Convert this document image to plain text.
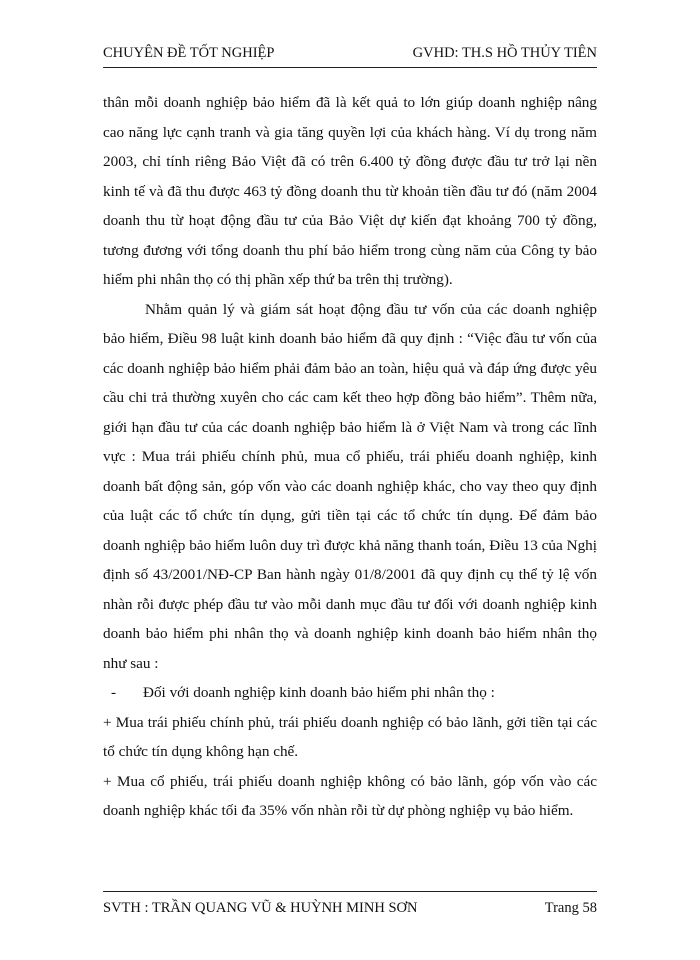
CHUYÊN ĐỀ TỐT NGHIỆP	GVHD: TH.S HỒ THỦY TIÊN

thân mỗi doanh nghiệp bảo hiểm đã là kết quả to lớn giúp doanh nghiệp nâng cao năng lực cạnh tranh và gia tăng quyền lợi của khách hàng. Ví dụ trong năm 2003, chỉ tính riêng Bảo Việt đã có trên 6.400 tỷ đồng được đầu tư trở lại nền kinh tế và đã thu được 463 tỷ đồng doanh thu từ khoản tiền đầu tư đó (năm 2004 doanh thu từ hoạt động đầu tư của Bảo Việt dự kiến đạt khoảng 700 tỷ đồng, tương đương với tổng doanh thu phí bảo hiểm trong cùng năm của Công ty bảo hiểm phi nhân thọ có thị phần xếp thứ ba trên thị trường).

Nhằm quản lý và giám sát hoạt động đầu tư vốn của các doanh nghiệp bảo hiểm, Điều 98 luật kinh doanh bảo hiểm đã quy định : “Việc đầu tư vốn của các doanh nghiệp bảo hiểm phải đảm bảo an toàn, hiệu quả và đáp ứng được yêu cầu chi trả thường xuyên cho các cam kết theo hợp đồng bảo hiểm”. Thêm nữa, giới hạn đầu tư của các doanh nghiệp bảo hiểm là ở Việt Nam và trong các lĩnh vực : Mua trái phiếu chính phủ, mua cổ phiếu, trái phiếu doanh nghiệp, kinh doanh bất động sản, góp vốn vào các doanh nghiệp khác, cho vay theo quy định của luật các tổ chức tín dụng, gửi tiền tại các tổ chức tín dụng. Để đảm bảo doanh nghiệp bảo hiểm luôn duy trì được khả năng thanh toán, Điều 13 của Nghị định số 43/2001/NĐ-CP Ban hành ngày 01/8/2001 đã quy định cụ thể tỷ lệ vốn nhàn rỗi được phép đầu tư vào mỗi danh mục đầu tư đối với doanh nghiệp kinh doanh bảo hiểm phi nhân thọ và doanh nghiệp kinh doanh bảo hiểm nhân thọ như sau :

- Đối với doanh nghiệp kinh doanh bảo hiểm phi nhân thọ :

+ Mua trái phiếu chính phủ, trái phiếu doanh nghiệp có bảo lãnh, gởi tiền tại các tổ chức tín dụng không hạn chế.

+ Mua cổ phiếu, trái phiếu doanh nghiệp không có bảo lãnh, góp vốn vào các doanh nghiệp khác tối đa 35% vốn nhàn rỗi từ dự phòng nghiệp vụ bảo hiểm.

SVTH : TRẦN QUANG VŨ & HUỲNH MINH SƠN	Trang 58
